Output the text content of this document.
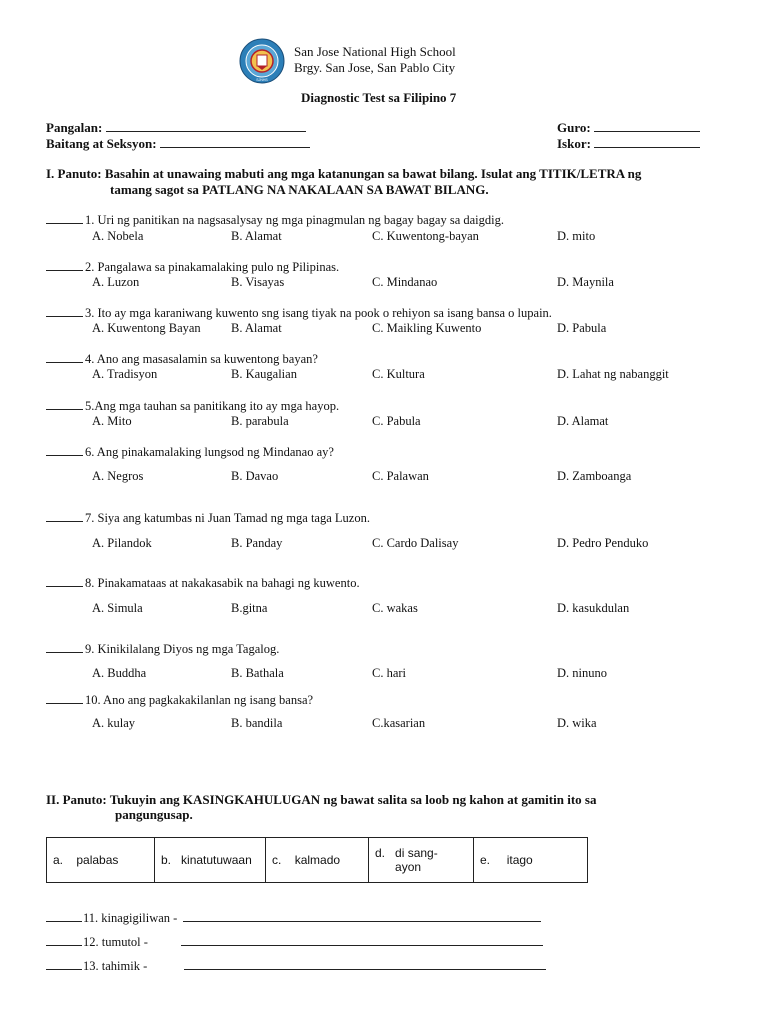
SJNHS
San Jose National High School
Brgy. San Jose, San Pablo City
Diagnostic Test sa Filipino 7
Pangalan:
Baitang at Seksyon:
Guro:
Iskor:
I. Panuto: Basahin at unawaing mabuti ang mga katanungan sa bawat bilang. Isulat ang TITIK/LETRA ng
tamang sagot sa PATLANG NA NAKALAAN SA BAWAT BILANG.
1. Uri ng panitikan na nagsasalysay ng mga pinagmulan ng bagay bagay sa daigdig.
A. Nobela	B. Alamat	C. Kuwentong-bayan	D. mito
2. Pangalawa sa pinakamalaking pulo ng Pilipinas.
A. Luzon	B. Visayas	C. Mindanao	D. Maynila
3. Ito ay mga karaniwang kuwento sng isang tiyak na pook o rehiyon sa isang bansa o lupain.
A. Kuwentong Bayan B. Alamat	C. Maikling Kuwento	D. Pabula
4. Ano ang masasalamin sa kuwentong bayan?
A. Tradisyon	B. Kaugalian	C. Kultura	D. Lahat ng nabanggit
5.Ang mga tauhan sa panitikang ito ay mga hayop.
A. Mito	B. parabula	C. Pabula	D. Alamat
6. Ang pinakamalaking lungsod ng Mindanao ay?
A. Negros	B. Davao	C. Palawan	D. Zamboanga
7. Siya ang katumbas ni Juan Tamad ng mga taga Luzon.
A. Pilandok	B. Panday	C. Cardo Dalisay	D. Pedro Penduko
8. Pinakamataas at nakakasabik na bahagi ng kuwento.
A. Simula	B.gitna	C. wakas	D. kasukdulan
9. Kinikilalang Diyos ng mga Tagalog.
A. Buddha	B. Bathala	C. hari	D. ninuno
10. Ano ang pagkakakilanlan ng isang bansa?
A. kulay	B. bandila	C.kasarian	D. wika
II. Panuto: Tukuyin ang KASINGKAHULUGAN ng bawat salita sa loob ng kahon at gamitin ito sa
pangungusap.
a. palabas	b. kinatutuwaan	c. kalmado	d. di sang-ayon	e. itago
11. kinagigiliwan -
12. tumutol -
13. tahimik -
